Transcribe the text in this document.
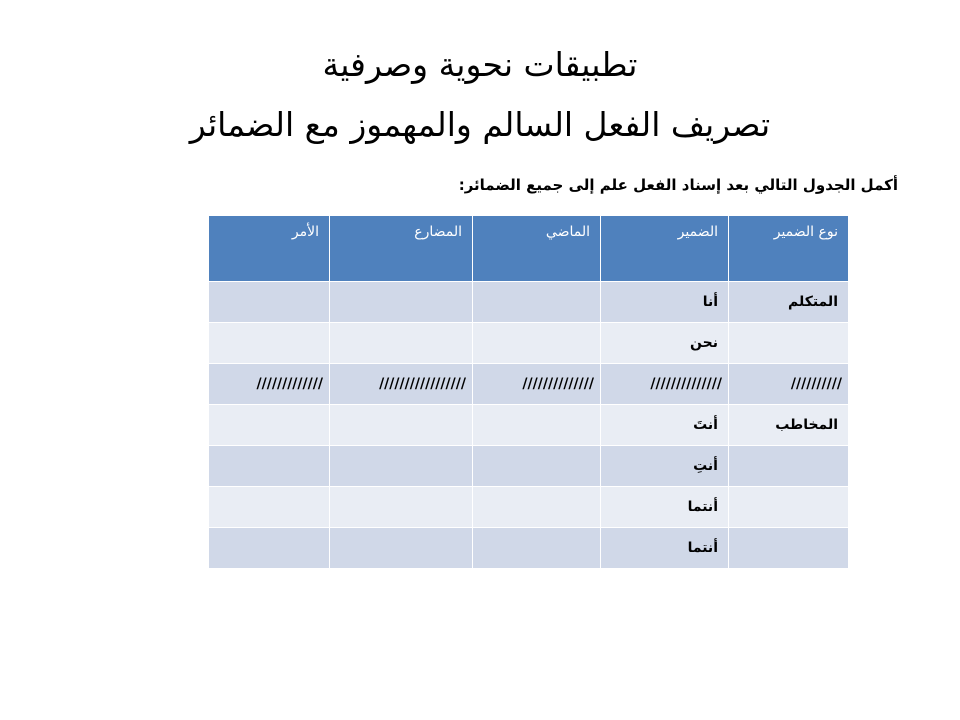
تطبيقات نحوية وصرفية
تصريف الفعل السالم والمهموز مع الضمائر
أكمل الجدول التالي بعد إسناد الفعل علم إلى جميع الضمائر:
نوع الضمير	الضمير	الماضي	المضارع	الأمر
المتكلم	أنا			
	نحن			
//////////	//////////////	//////////////	/////////////////	/////////////
المخاطب	أنتَ			
	أنتِ			
	أنتما			
	أنتما			
